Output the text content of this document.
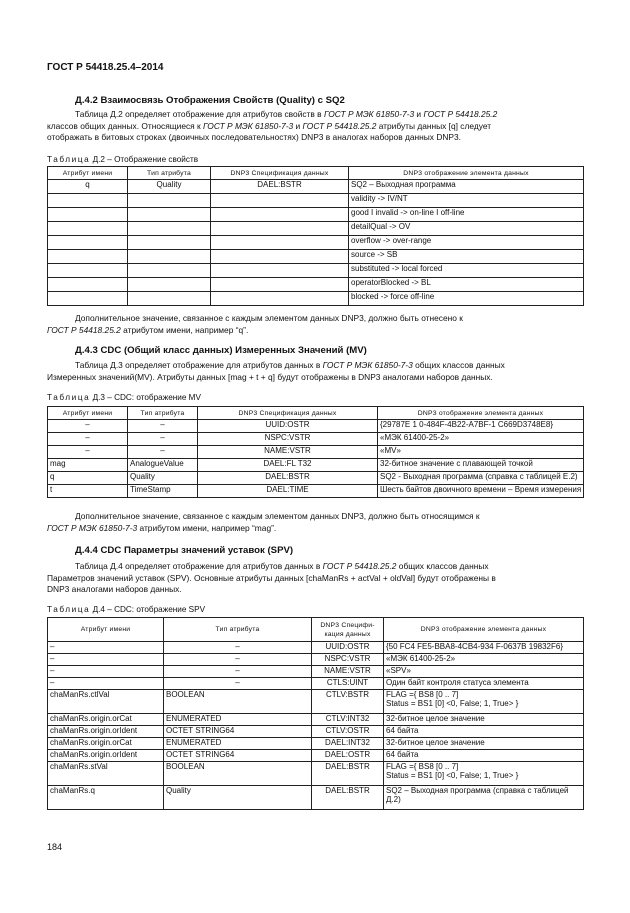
ГОСТ Р 54418.25.4–2014
Д.4.2 Взаимосвязь Отображения Свойств (Quality) с SQ2
Таблица Д.2 определяет отображение для атрибутов свойств в ГОСТ Р МЭК 61850-7-3 и ГОСТ Р 54418.25.2
классов общих данных. Относящиеся к ГОСТ Р МЭК 61850-7-3 и ГОСТ Р 54418.25.2 атрибуты данных [q] следует
отображать в битовых строках (двоичных последовательностях) DNP3 в аналогах наборов данных DNP3.
Таблица Д.2 – Отображение свойств
Атрибут имени	Тип атрибута	DNP3 Спецификация данных	DNP3 отображение элемента данных
q	Quality	DAEL:BSTR	SQ2 – Выходная программа
			validity -> IV/NT
			good I invalid -> on-line I off-line
			detailQual -> OV
			overflow -> over-range
			source -> SB
			substituted -> local forced
			operatorBlocked -> BL
			blocked -> force off-line
Дополнительное значение, связанное с каждым элементом данных DNP3, должно быть отнесено к
ГОСТ Р 54418.25.2 атрибутом имени, например “q”.
Д.4.3 CDC (Общий класс данных) Измеренных Значений (MV)
Таблица Д.3 определяет отображение для атрибутов данных в ГОСТ Р МЭК 61850-7-3 общих классов данных
Измеренных значений(MV). Атрибуты данных [mag + t + q] будут отображены в DNP3 аналогами наборов данных.
Таблица Д.3 – CDC: отображение MV
Атрибут имени	Тип атрибута	DNP3 Спецификация данных	DNP3 отображение элемента данных
–	–	UUID:OSTR	{29787E 1 0-484F-4B22-A7BF-1 C669D3748E8}
–	–	NSPC:VSTR	«МЭК 61400-25-2»
–	–	NAME:VSTR	«MV»
mag	AnalogueValue	DAEL:FL T32	32-битное значение с плавающей точкой
q	Quality	DAEL:BSTR	SQ2 - Выходная программа (справка с таблицей Е.2)
t	TimeStamp	DAEL:TIME	Шесть байтов двоичного времени – Время измерения
Дополнительное значение, связанное с каждым элементом данных DNP3, должно быть относящимся к
ГОСТ Р МЭК 61850-7-3 атрибутом имени, например “mag”.
Д.4.4 CDC Параметры значений уставок (SPV)
Таблица Д.4 определяет отображение для атрибутов данных в ГОСТ Р 54418.25.2 общих классов данных
Параметров значений уставок (SPV). Основные атрибуты данных [chaManRs + actVal + oldVal] будут отображены в
DNP3 аналогами наборов данных.
Таблица Д.4 – CDC: отображение SPV
Атрибут имени	Тип атрибута	DNP3 Специфи-кация данных	DNP3 отображение элемента данных
–	–	UUID:OSTR	{50 FC4 FE5-BBA8-4CB4-934 F-0637B 19832F6}
–	–	NSPC:VSTR	«МЭК 61400-25-2»
–	–	NAME:VSTR	«SPV»
–	–	CTLS:UINT	Один байт контроля статуса элемента
chaManRs.ctlVal	BOOLEAN	CTLV:BSTR	FLAG ={ BS8 [0 .. 7]
Status = BS1 [0] <0, False; 1, True> }

chaManRs.origin.orCat	ENUMERATED	CTLV:INT32	32-битное целое значение
chaManRs.origin.orIdent	OCTET STRING64	CTLV:OSTR	64 байта
chaManRs.origin.orCat	ENUMERATED	DAEL:INT32	32-битное целое значение
chaManRs.origin.orIdent	OCTET STRING64	DAEL:OSTR	64 байта
chaManRs.stVal	BOOLEAN	DAEL:BSTR	FLAG ={ BS8 [0 .. 7]
Status = BS1 [0] <0, False; 1, True> }

chaManRs.q	Quality	DAEL:BSTR	SQ2 – Выходная программа (справка с таблицей
Д.2)
184
